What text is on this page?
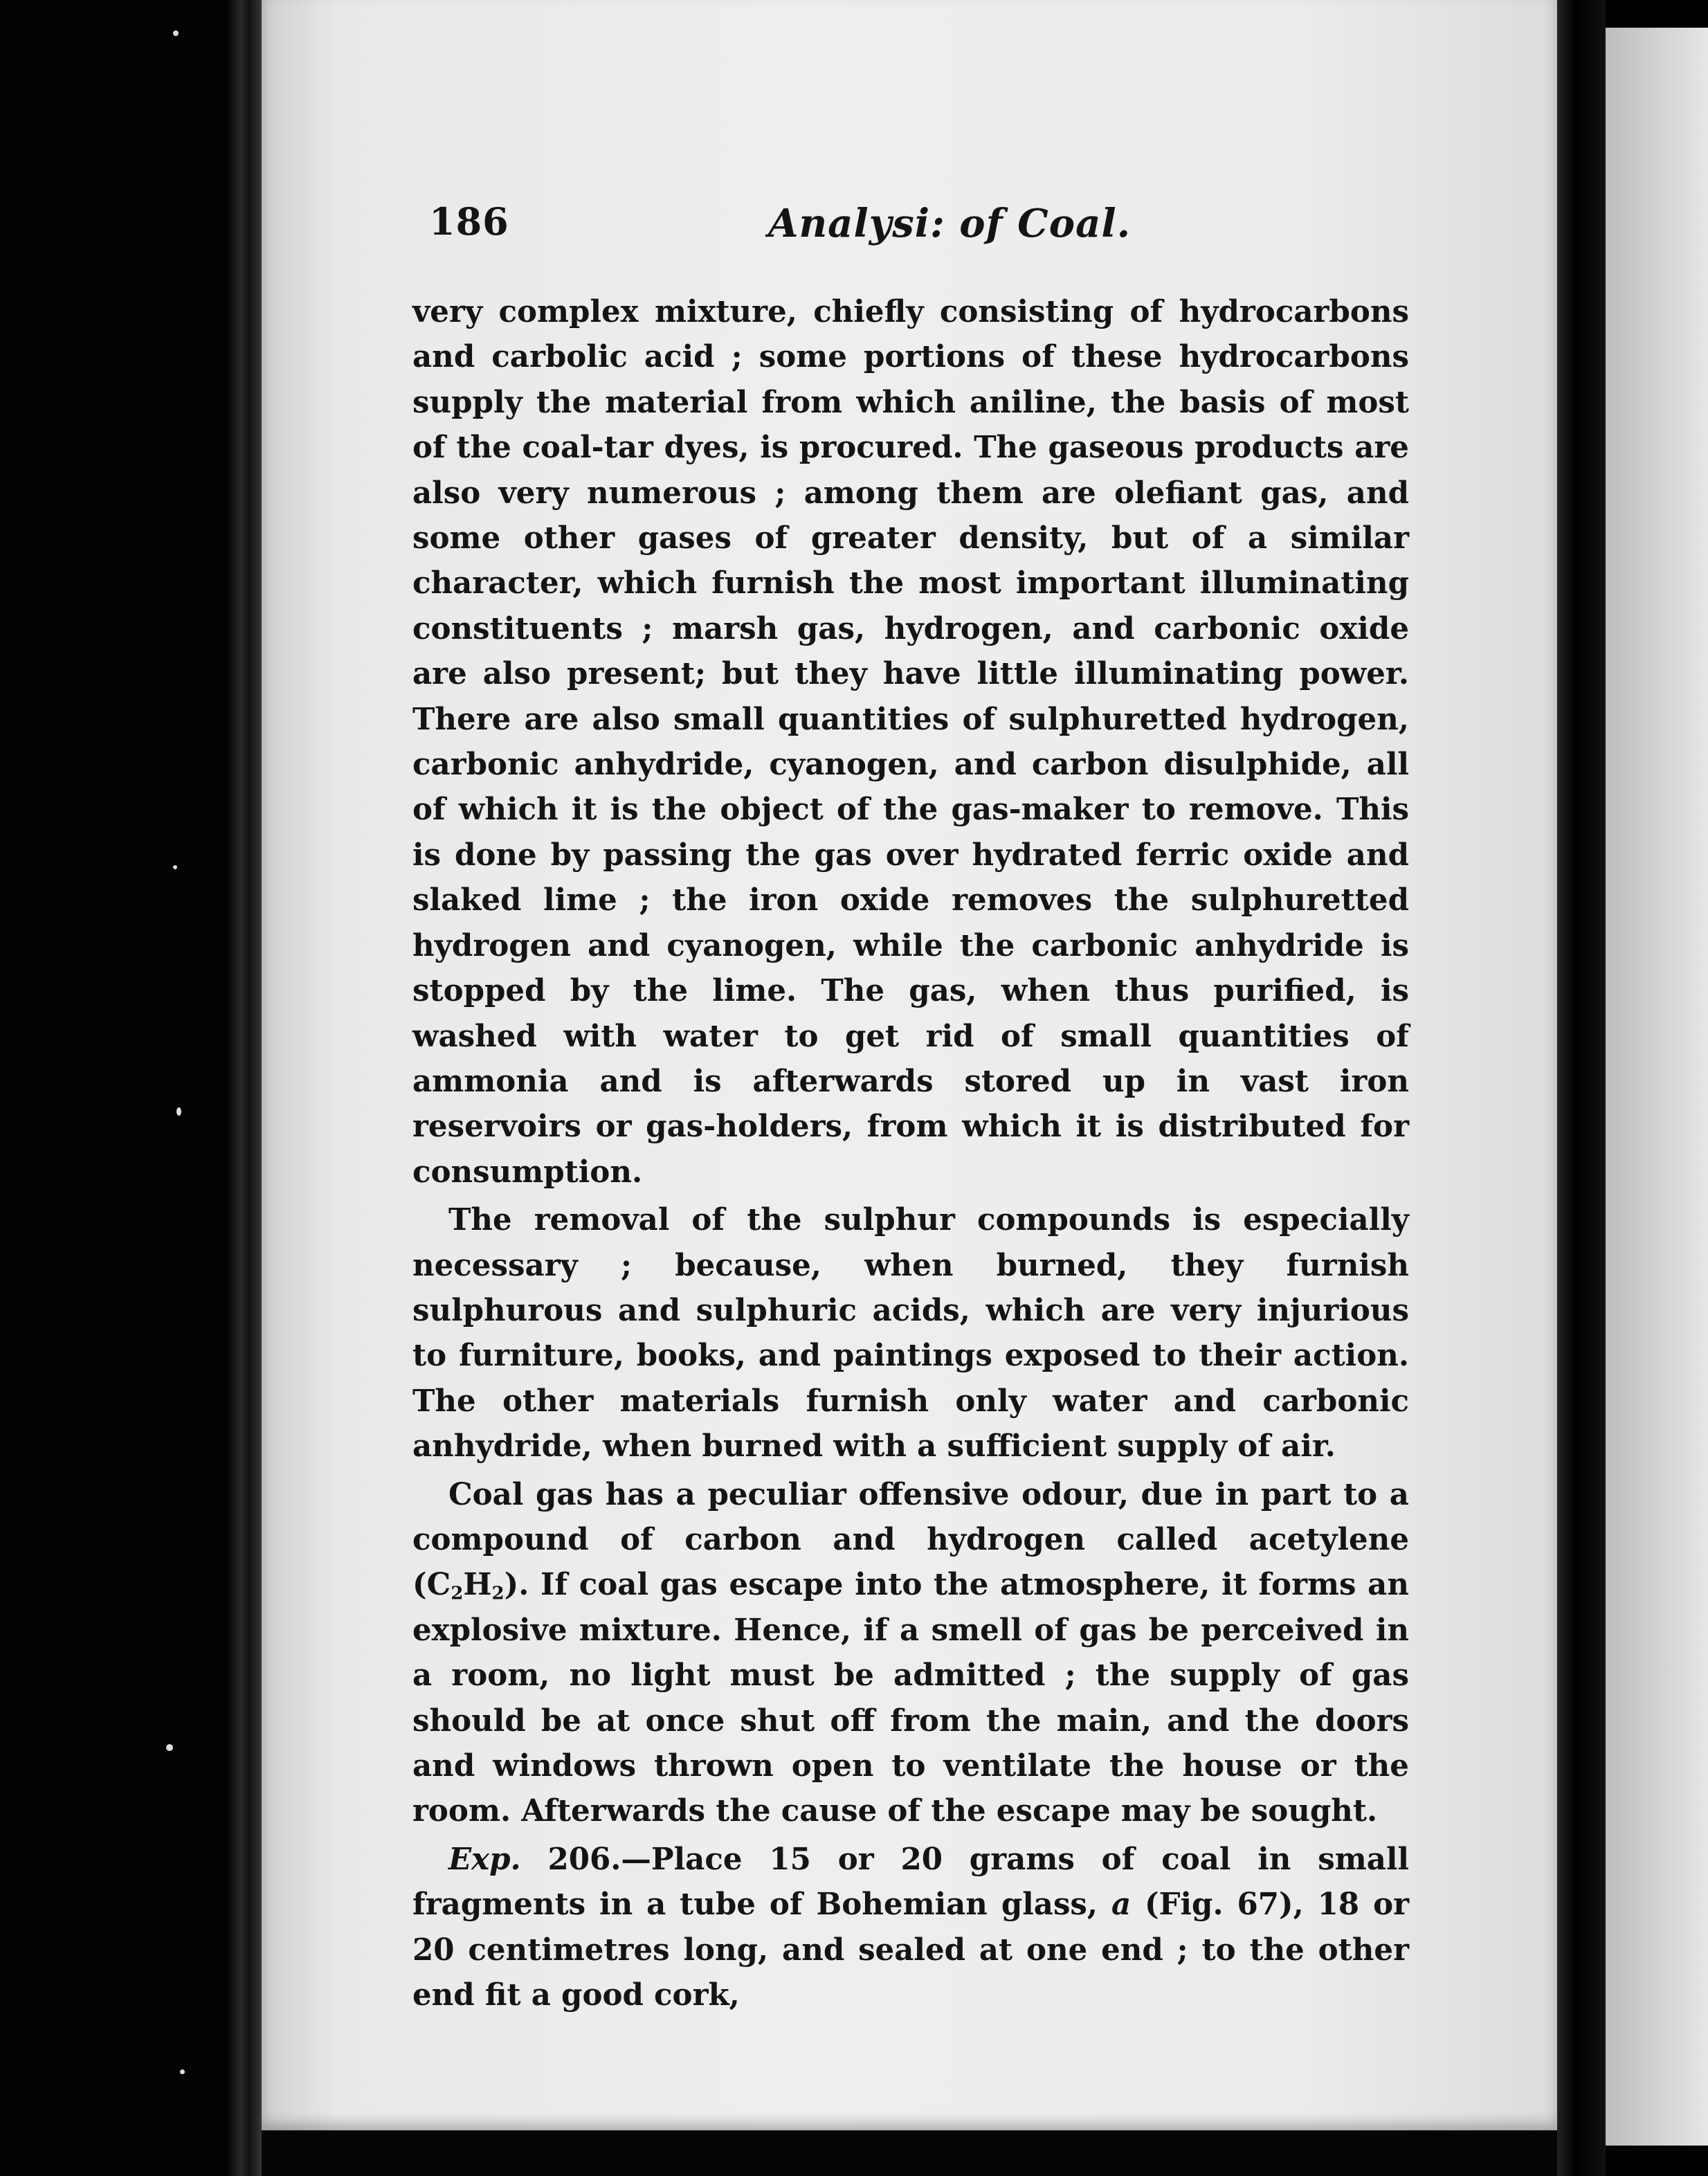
186	Analysi: of Coal.

very complex mixture, chiefly consisting of hydrocarbons and carbolic acid ; some portions of these hydrocarbons supply the material from which aniline, the basis of most of the coal-tar dyes, is procured. The gaseous products are also very numerous ; among them are olefiant gas, and some other gases of greater density, but of a similar character, which furnish the most important illuminating constituents ; marsh gas, hydrogen, and carbonic oxide are also present; but they have little illuminating power. There are also small quantities of sulphuretted hydrogen, carbonic anhydride, cyanogen, and carbon disulphide, all of which it is the object of the gas-maker to remove. This is done by passing the gas over hydrated ferric oxide and slaked lime ; the iron oxide removes the sulphuretted hydrogen and cyanogen, while the carbonic anhydride is stopped by the lime. The gas, when thus purified, is washed with water to get rid of small quantities of ammonia and is afterwards stored up in vast iron reservoirs or gas-holders, from which it is distributed for consumption.

The removal of the sulphur compounds is especially necessary ; because, when burned, they furnish sulphurous and sulphuric acids, which are very injurious to furniture, books, and paintings exposed to their action. The other materials furnish only water and carbonic anhydride, when burned with a sufficient supply of air.

Coal gas has a peculiar offensive odour, due in part to a compound of carbon and hydrogen called acetylene $(C_2H_2)$. If coal gas escape into the atmosphere, it forms an explosive mixture. Hence, if a smell of gas be perceived in a room, no light must be admitted ; the supply of gas should be at once shut off from the main, and the doors and windows thrown open to ventilate the house or the room. Afterwards the cause of the escape may be sought.

Exp. 206.—Place 15 or 20 grams of coal in small fragments in a tube of Bohemian glass, a (Fig. 67), 18 or 20 centimetres long, and sealed at one end ; to the other end fit a good cork,
